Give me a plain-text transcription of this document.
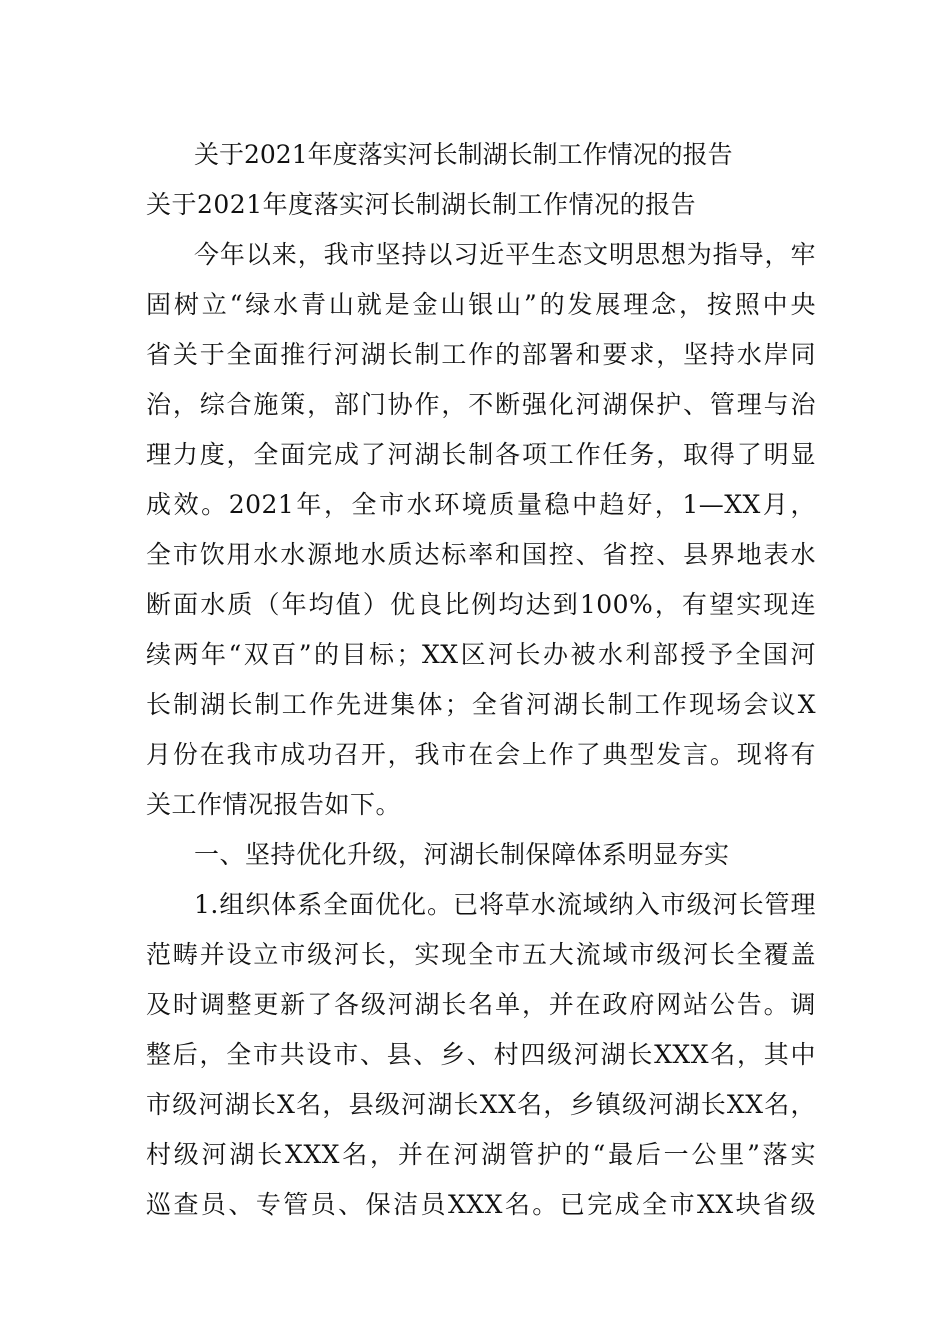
关于2021年度落实河长制湖长制工作情况的报告
关于2021年度落实河长制湖长制工作情况的报告
今年以来，我市坚持以习近平生态文明思想为指导，牢
固树立“绿水青山就是金山银山”的发展理念，按照中央
省关于全面推行河湖长制工作的部署和要求，坚持水岸同
治，综合施策，部门协作，不断强化河湖保护、管理与治
理力度，全面完成了河湖长制各项工作任务，取得了明显
成效。2021年，全市水环境质量稳中趋好，1—XX月，
全市饮用水水源地水质达标率和国控、省控、县界地表水
断面水质（年均值）优良比例均达到100%，有望实现连
续两年“双百”的目标；XX区河长办被水利部授予全国河
长制湖长制工作先进集体；全省河湖长制工作现场会议X
月份在我市成功召开，我市在会上作了典型发言。现将有
关工作情况报告如下。
一、坚持优化升级，河湖长制保障体系明显夯实
1.组织体系全面优化。已将草水流域纳入市级河长管理
范畴并设立市级河长，实现全市五大流域市级河长全覆盖
及时调整更新了各级河湖长名单，并在政府网站公告。调
整后，全市共设市、县、乡、村四级河湖长XXX名，其中
市级河湖长X名，县级河湖长XX名，乡镇级河湖长XX名，
村级河湖长XXX名，并在河湖管护的“最后一公里”落实
巡查员、专管员、保洁员XXX名。已完成全市XX块省级
